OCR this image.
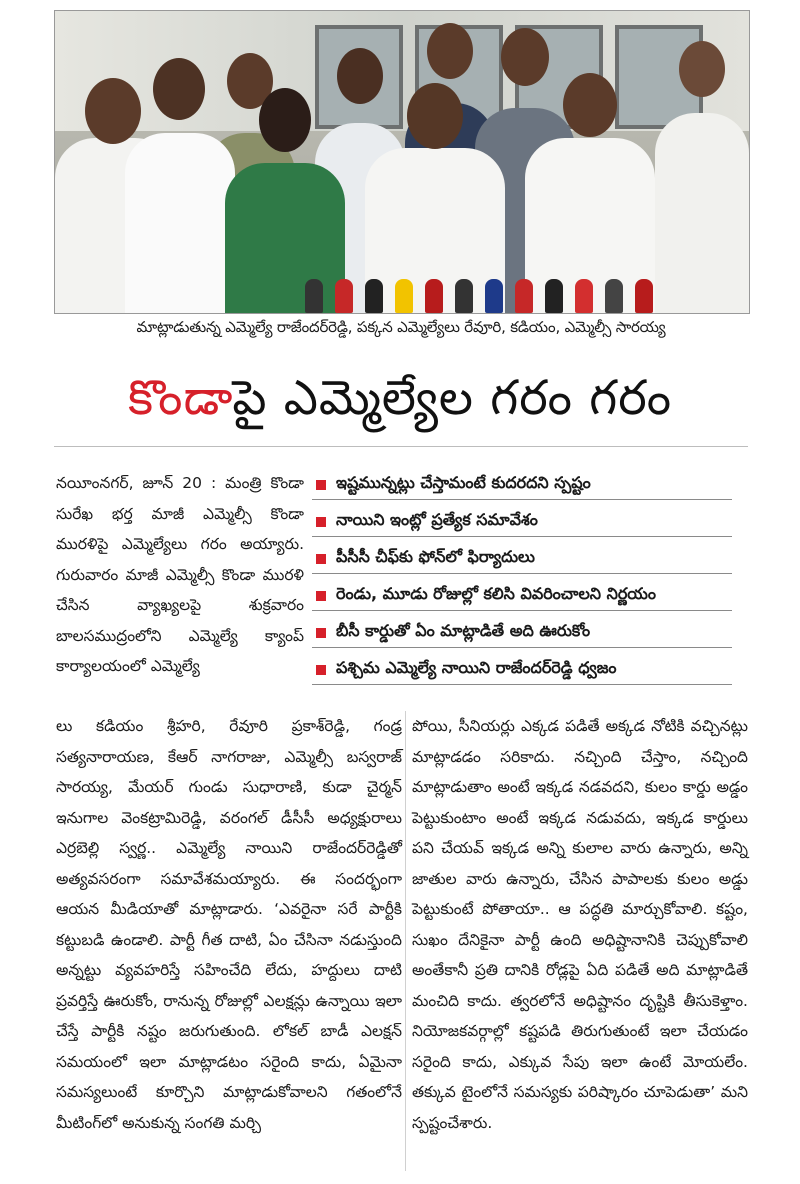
మాట్లాడుతున్న ఎమ్మెల్యే రాజేందర్‌రెడ్డి, పక్కన ఎమ్మెల్యేలు రేవూరి, కడియం, ఎమ్మెల్సీ సారయ్య
కొండాపై ఎమ్మెల్యేల గరం గరం

నయీంనగర్, జూన్ 20 : మంత్రి కొండా సురేఖ భర్త మాజీ ఎమ్మెల్సీ కొండా మురళిపై ఎమ్మెల్యేలు గరం అయ్యారు. గురువారం మాజీ ఎమ్మెల్సీ కొండా మురళి చేసిన వ్యాఖ్యలపై శుక్రవారం బాలసముద్రంలోని ఎమ్మెల్యే క్యాంప్ కార్యాలయంలో ఎమ్మెల్యే

ఇష్టమున్నట్లు చేస్తామంటే కుదరదని స్పష్టం
నాయిని ఇంట్లో ప్రత్యేక సమావేశం
పీసీసీ చీఫ్‌కు ఫోన్‌లో ఫిర్యాదులు
రెండు, మూడు రోజుల్లో కలిసి వివరించాలని నిర్ణయం
బీసీ కార్డుతో ఏం మాట్లాడితే అది ఊరుకోం
పశ్చిమ ఎమ్మెల్యే నాయిని రాజేందర్‌రెడ్డి ధ్వజం

లు కడియం శ్రీహరి, రేవూరి ప్రకాశ్‌రెడ్డి, గండ్ర సత్యనారాయణ, కేఆర్ నాగరాజు, ఎమ్మెల్సీ బస్వరాజ్ సారయ్య, మేయర్ గుండు సుధారాణి, కుడా చైర్మన్ ఇనుగాల వెంకట్రామిరెడ్డి, వరంగల్ డీసీసీ అధ్యక్షురాలు ఎర్రబెల్లి స్వర్ణ.. ఎమ్మెల్యే నాయిని రాజేందర్‌రెడ్డితో అత్యవసరంగా సమావేశమయ్యారు. ఈ సందర్భంగా ఆయన మీడియాతో మాట్లాడారు. ‘ఎవరైనా సరే పార్టీకి కట్టుబడి ఉండాలి. పార్టీ గీత దాటి, ఏం చేసినా నడుస్తుంది అన్నట్టు వ్యవహరిస్తే సహించేది లేదు, హద్దులు దాటి ప్రవర్తిస్తే ఊరుకోం, రానున్న రోజుల్లో ఎలక్షన్లు ఉన్నాయి ఇలా చేస్తే పార్టీకి నష్టం జరుగుతుంది. లోకల్ బాడీ ఎలక్షన్ సమయంలో ఇలా మాట్లాడటం సరైంది కాదు, ఏమైనా సమస్యలుంటే కూర్చొని మాట్లాడుకోవాలని గతంలోనే మీటింగ్‌లో అనుకున్న సంగతి మర్చి

పోయి, సీనియర్లు ఎక్కడ పడితే అక్కడ నోటికి వచ్చినట్లు మాట్లాడడం సరికాదు. నచ్చింది చేస్తాం, నచ్చింది మాట్లాడుతాం అంటే ఇక్కడ నడవదని, కులం కార్డు అడ్డం పెట్టుకుంటాం అంటే ఇక్కడ నడువదు, ఇక్కడ కార్డులు పని చేయవ్ ఇక్కడ అన్ని కులాల వారు ఉన్నారు, అన్ని జాతుల వారు ఉన్నారు, చేసిన పాపాలకు కులం అడ్డు పెట్టుకుంటే పోతాయా.. ఆ పద్ధతి మార్చుకోవాలి. కష్టం, సుఖం దేనికైనా పార్టీ ఉంది అధిష్టానానికి చెప్పుకోవాలి అంతేకానీ ప్రతి దానికి రోడ్లపై ఏది పడితే అది మాట్లాడితే మంచిది కాదు. త్వరలోనే అధిష్టానం దృష్టికి తీసుకెళ్తాం. నియోజకవర్గాల్లో కష్టపడి తిరుగుతుంటే ఇలా చేయడం సరైంది కాదు, ఎక్కువ సేపు ఇలా ఉంటే మోయలేం. తక్కువ టైంలోనే సమస్యకు పరిష్కారం చూపెడుతా’ మని స్పష్టంచేశారు.
